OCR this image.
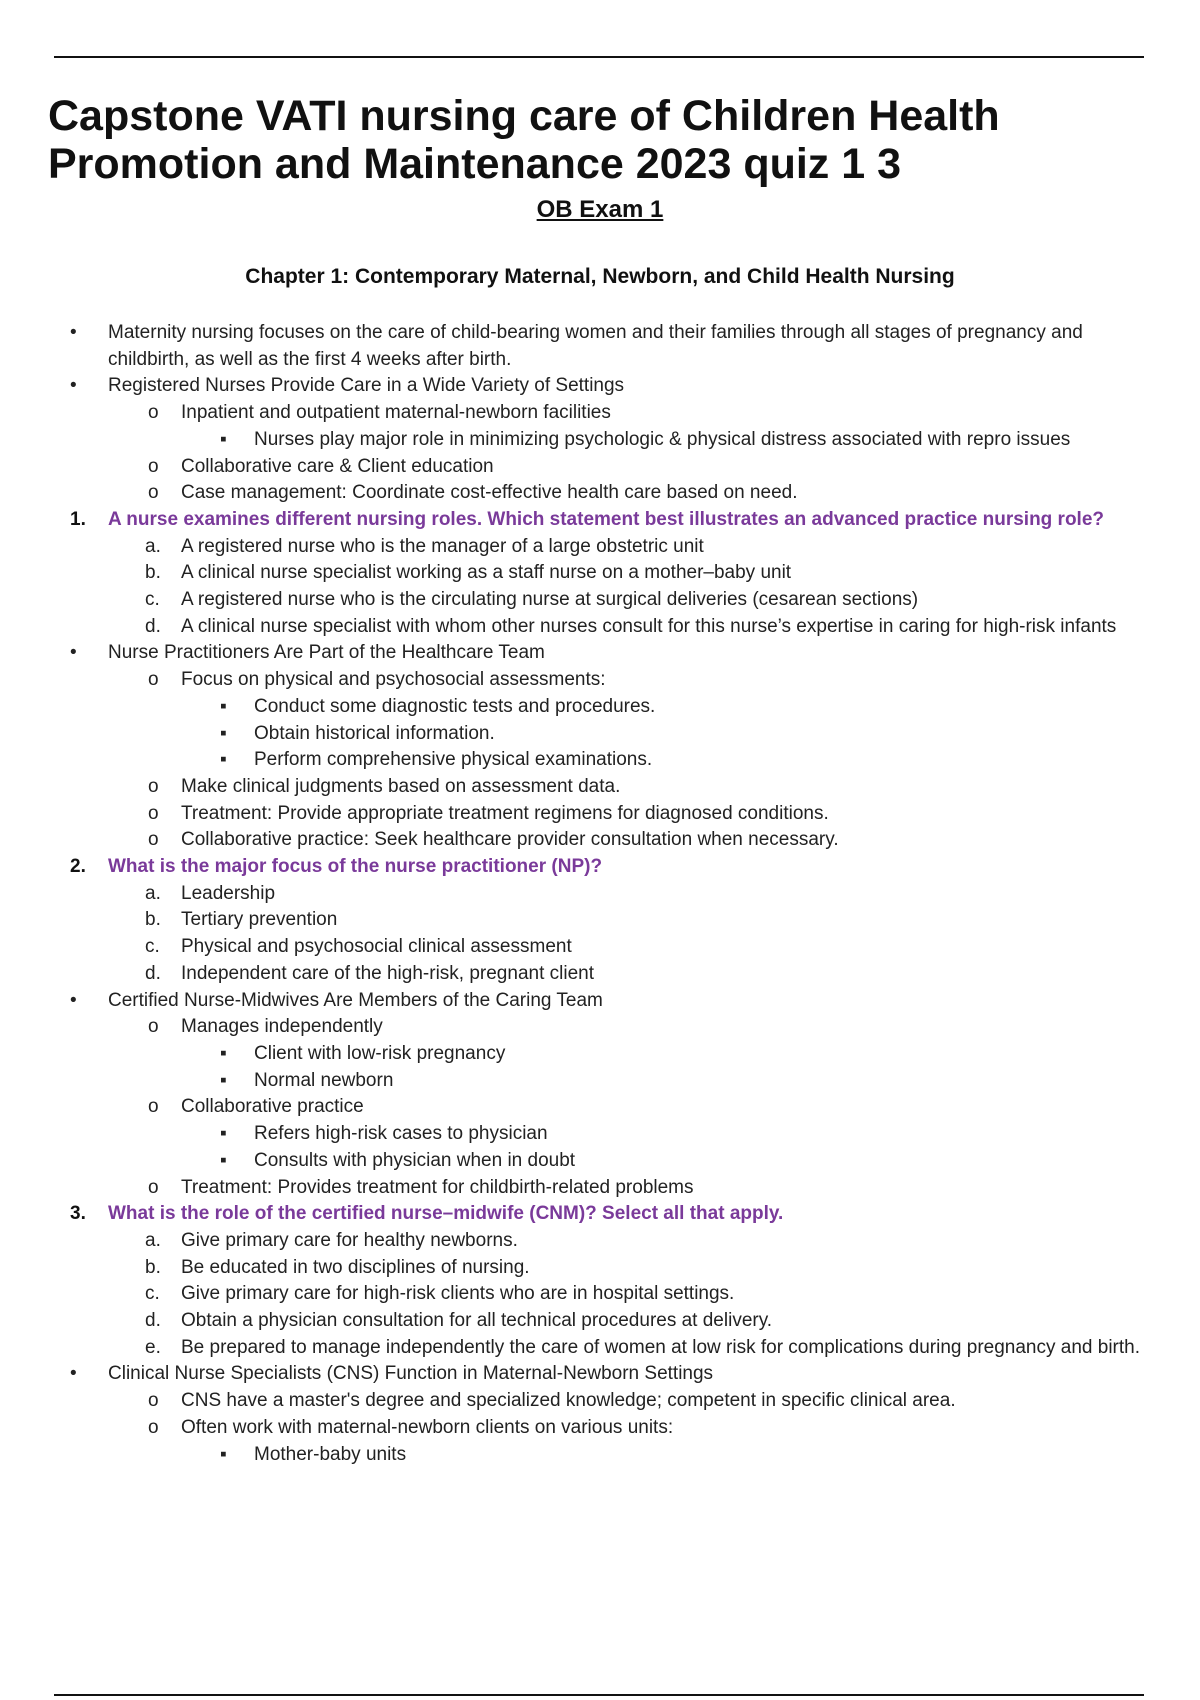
Capstone VATI nursing care of Children Health Promotion and Maintenance 2023 quiz 1 3
OB Exam 1
Chapter 1: Contemporary Maternal, Newborn, and Child Health Nursing
• Maternity nursing focuses on the care of child-bearing women and their families through all stages of pregnancy and childbirth, as well as the first 4 weeks after birth.
• Registered Nurses Provide Care in a Wide Variety of Settings
o Inpatient and outpatient maternal-newborn facilities
▪ Nurses play major role in minimizing psychologic & physical distress associated with repro issues
o Collaborative care & Client education
o Case management: Coordinate cost-effective health care based on need.
1. A nurse examines different nursing roles. Which statement best illustrates an advanced practice nursing role?
a. A registered nurse who is the manager of a large obstetric unit
b. A clinical nurse specialist working as a staff nurse on a mother–baby unit
c. A registered nurse who is the circulating nurse at surgical deliveries (cesarean sections)
d. A clinical nurse specialist with whom other nurses consult for this nurse’s expertise in caring for high-risk infants
• Nurse Practitioners Are Part of the Healthcare Team
o Focus on physical and psychosocial assessments:
▪ Conduct some diagnostic tests and procedures.
▪ Obtain historical information.
▪ Perform comprehensive physical examinations.
o Make clinical judgments based on assessment data.
o Treatment: Provide appropriate treatment regimens for diagnosed conditions.
o Collaborative practice: Seek healthcare provider consultation when necessary.
2. What is the major focus of the nurse practitioner (NP)?
a. Leadership
b. Tertiary prevention
c. Physical and psychosocial clinical assessment
d. Independent care of the high-risk, pregnant client
• Certified Nurse-Midwives Are Members of the Caring Team
o Manages independently
▪ Client with low-risk pregnancy
▪ Normal newborn
o Collaborative practice
▪ Refers high-risk cases to physician
▪ Consults with physician when in doubt
o Treatment: Provides treatment for childbirth-related problems
3. What is the role of the certified nurse–midwife (CNM)? Select all that apply.
a. Give primary care for healthy newborns.
b. Be educated in two disciplines of nursing.
c. Give primary care for high-risk clients who are in hospital settings.
d. Obtain a physician consultation for all technical procedures at delivery.
e. Be prepared to manage independently the care of women at low risk for complications during pregnancy and birth.
• Clinical Nurse Specialists (CNS) Function in Maternal-Newborn Settings
o CNS have a master's degree and specialized knowledge; competent in specific clinical area.
o Often work with maternal-newborn clients on various units:
▪ Mother-baby units
